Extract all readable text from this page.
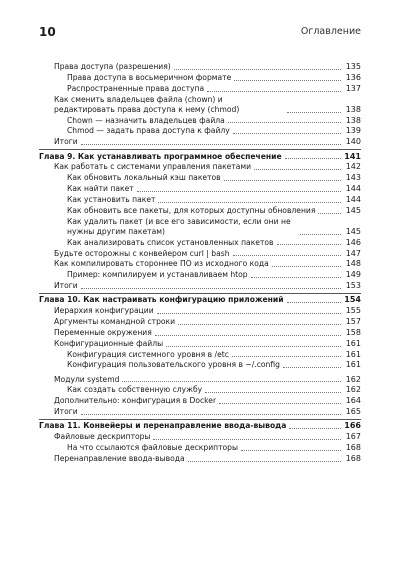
10	Оглавление
Права доступа (разрешения)	135
Права доступа в восьмеричном формате	136
Распространенные права доступа	137
Как сменить владельцев файла (chown) и редактировать права доступа к нему (chmod)	138
Chown — назначить владельцев файла	138
Chmod — задать права доступа к файлу	139
Итоги	140
Глава 9. Как устанавливать программное обеспечение	141
Как работать с системами управления пакетами	142
Как обновить локальный кэш пакетов	143
Как найти пакет	144
Как установить пакет	144
Как обновить все пакеты, для которых доступны обновления	145
Как удалить пакет (и все его зависимости, если они не нужны другим пакетам)	145
Как анализировать список установленных пакетов	146
Будьте осторожны с конвейером curl | bash	147
Как компилировать стороннее ПО из исходного кода	148
Пример: компилируем и устанавливаем htop	149
Итоги	153
Глава 10. Как настраивать конфигурацию приложений	154
Иерархия конфигурации	155
Аргументы командной строки	157
Переменные окружения	158
Конфигурационные файлы	161
Конфигурация системного уровня в /etc	161
Конфигурация пользовательского уровня в ~/.config	161
Модули systemd	162
Как создать собственную службу	162
Дополнительно: конфигурация в Docker	164
Итоги	165
Глава 11. Конвейеры и перенаправление ввода-вывода	166
Файловые дескрипторы	167
На что ссылаются файловые дескрипторы	168
Перенаправление ввода-вывода	168
